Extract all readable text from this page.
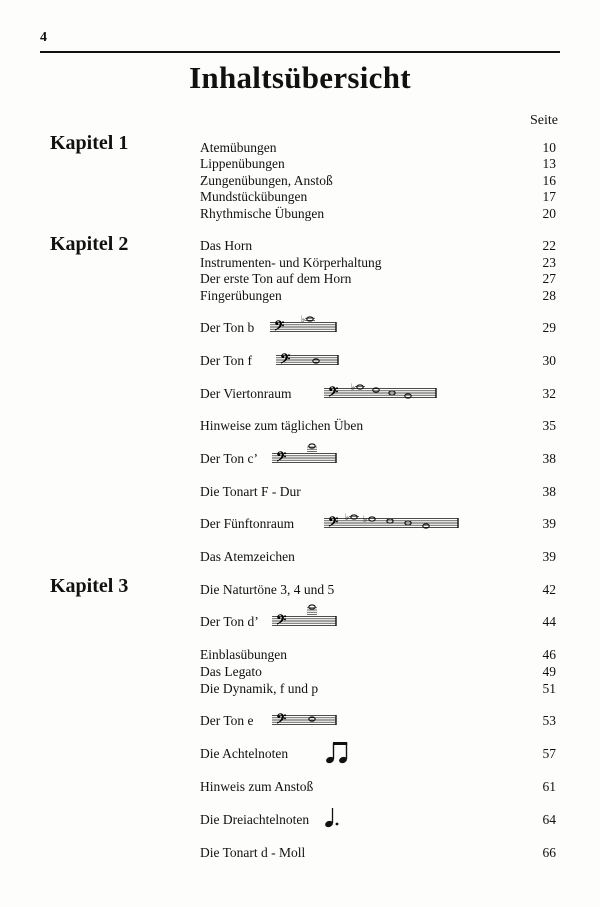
4
Inhaltsübersicht
Seite
Kapitel 1
Kapitel 2
Kapitel 3
Atemübungen	10
Lippenübungen	13
Zungenübungen, Anstoß	16
Mundstückübungen	17
Rhythmische Übungen	20
Das Horn	22
Instrumenten- und Körperhaltung	23
Der erste Ton auf dem Horn	27
Fingerübungen	28
Der Ton b	29
𝄢 ♭
Der Ton f	30
𝄢
Der Viertonraum	32
𝄢 ♭
Hinweise zum täglichen Üben	35
Der Ton c’	38
𝄢
Die Tonart F - Dur	38
Der Fünftonraum	39
𝄢 ♭ ♭
Das Atemzeichen	39
Die Naturtöne 3, 4 und 5	42
Der Ton d’	44
𝄢
Einblasübungen	46
Das Legato	49
Die Dynamik, f und p	51
Der Ton e	53
𝄢
Die Achtelnoten	57
Hinweis zum Anstoß	61
Die Dreiachtelnoten	64
Die Tonart d - Moll	66
